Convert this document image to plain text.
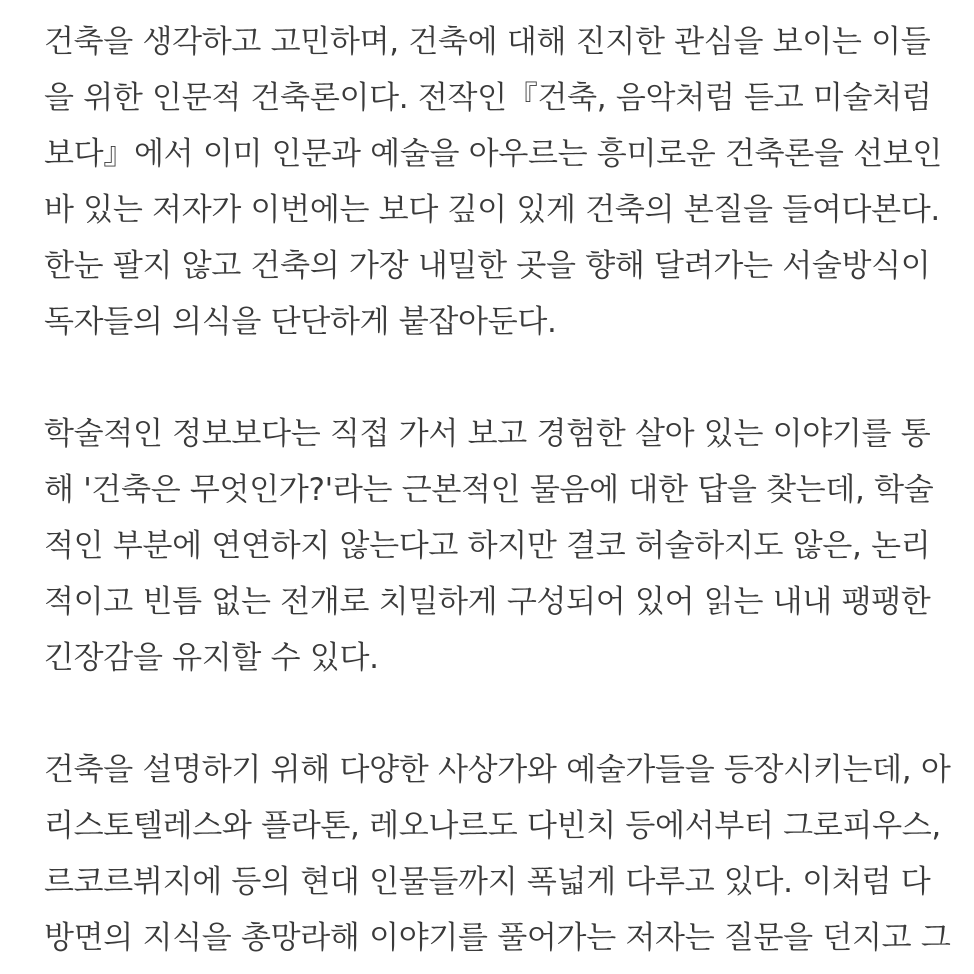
건축을 생각하고 고민하며, 건축에 대해 진지한 관심을 보이는 이들
을 위한 인문적 건축론이다. 전작인『건축, 음악처럼 듣고 미술처럼
보다』에서 이미 인문과 예술을 아우르는 흥미로운 건축론을 선보인
바 있는 저자가 이번에는 보다 깊이 있게 건축의 본질을 들여다본다.
한눈 팔지 않고 건축의 가장 내밀한 곳을 향해 달려가는 서술방식이
독자들의 의식을 단단하게 붙잡아둔다.
학술적인 정보보다는 직접 가서 보고 경험한 살아 있는 이야기를 통
해 '건축은 무엇인가?'라는 근본적인 물음에 대한 답을 찾는데, 학술
적인 부분에 연연하지 않는다고 하지만 결코 허술하지도 않은, 논리
적이고 빈틈 없는 전개로 치밀하게 구성되어 있어 읽는 내내 팽팽한
긴장감을 유지할 수 있다.
건축을 설명하기 위해 다양한 사상가와 예술가들을 등장시키는데, 아
리스토텔레스와 플라톤, 레오나르도 다빈치 등에서부터 그로피우스,
르코르뷔지에 등의 현대 인물들까지 폭넓게 다루고 있다. 이처럼 다
방면의 지식을 총망라해 이야기를 풀어가는 저자는 질문을 던지고 그
